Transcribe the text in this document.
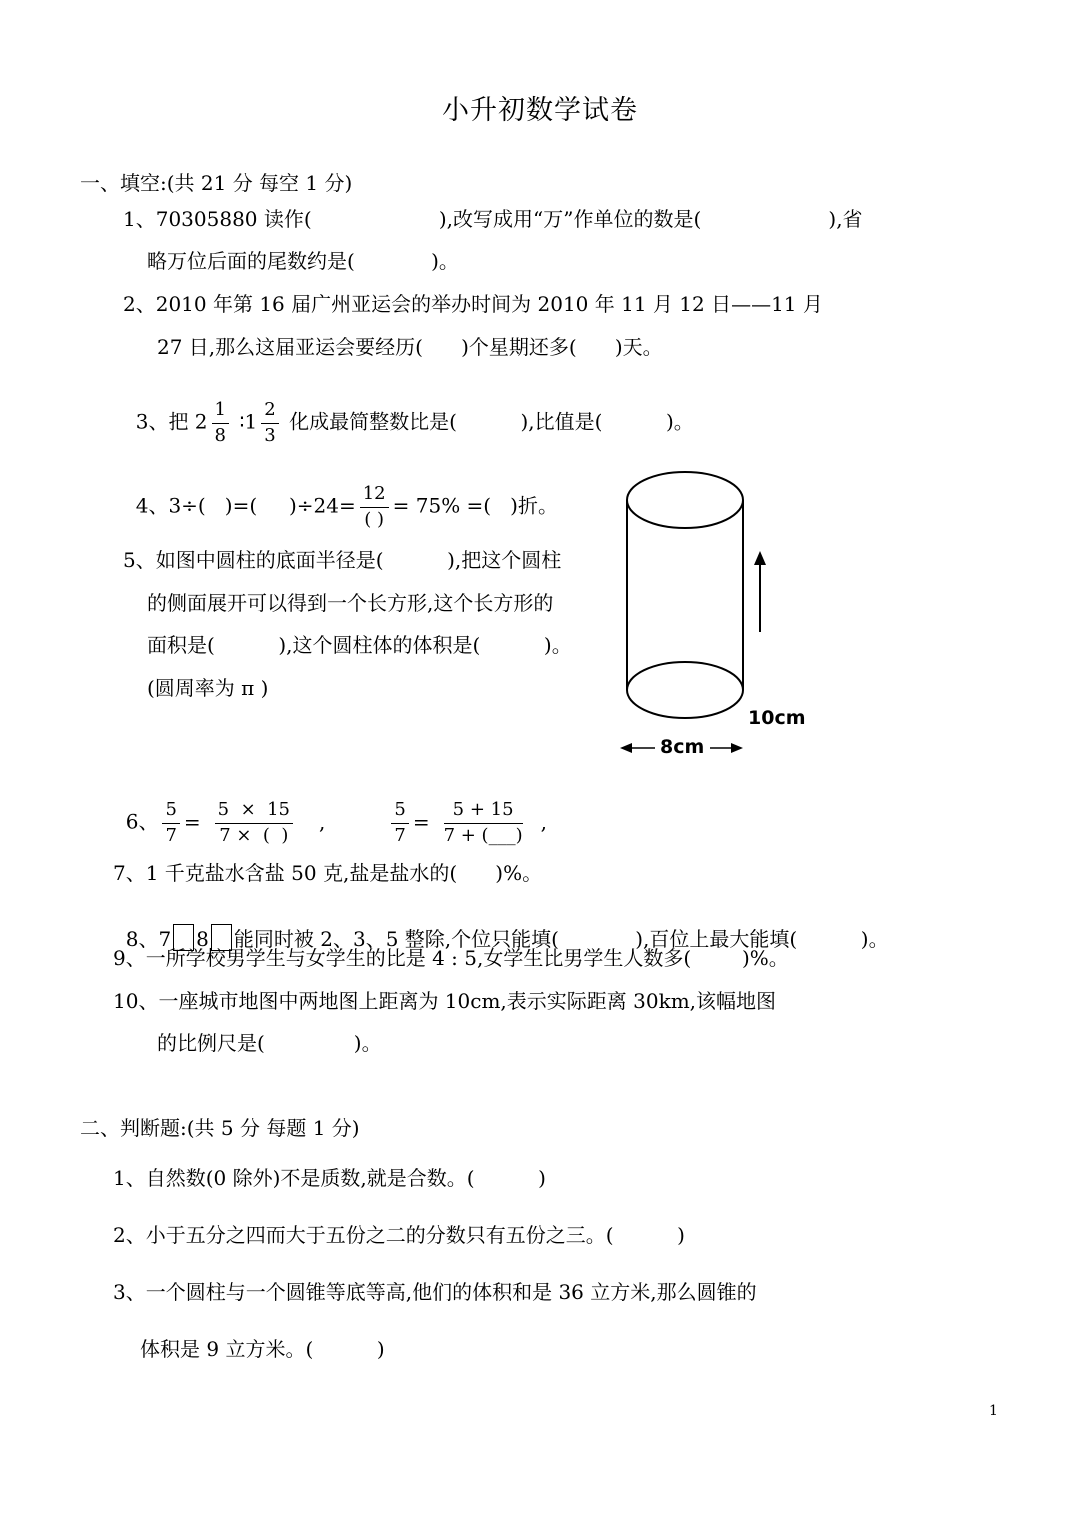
小升初数学试卷
一、填空:(共 21 分 每空 1 分)
1、70305880 读作(                    ),改写成用“万”作单位的数是(                    ),省
略万位后面的尾数约是(            )。
2、2010 年第 16 届广州亚运会的举办时间为 2010 年 11 月 12 日——11 月
27 日,那么这届亚运会要经历(      )个星期还多(      )天。

3、把 $2 \frac{1}{8}$ ∶1 $\frac{2}{3}$ 化成最简整数比是(          ),比值是(          )。

4、3÷(   )=(     )$\div 24= \frac{12}{( )} = 75\%$ =(   )折。

5、如图中圆柱的底面半径是(          ),把这个圆柱
的侧面展开可以得到一个长方形,这个长方形的
面积是(          ),这个圆柱体的体积是(          )。
(圆周率为 π )
10cm
8cm

6、 $\frac{5}{7} = \frac{5 \times 15}{7 \times ( )}$ ,	$\frac{5}{7} = \frac{5 + 15}{7 + (\_\_\_)}$ ,

7、1 千克盐水含盐 50 克,盐是盐水的(      )%。

8、7 8 能同时被 2、3、5 整除,个位只能填(            ),百位上最大能填(          )。

9、一所学校男学生与女学生的比是 4 : 5,女学生比男学生人数多(        )%。
10、一座城市地图中两地图上距离为 10cm,表示实际距离 30km,该幅地图
的比例尺是(              )。
二、判断题:(共 5 分 每题 1 分)
1、自然数(0 除外)不是质数,就是合数。(          )
2、小于五分之四而大于五份之二的分数只有五份之三。(          )
3、一个圆柱与一个圆锥等底等高,他们的体积和是 36 立方米,那么圆锥的
体积是 9 立方米。(          )
1
